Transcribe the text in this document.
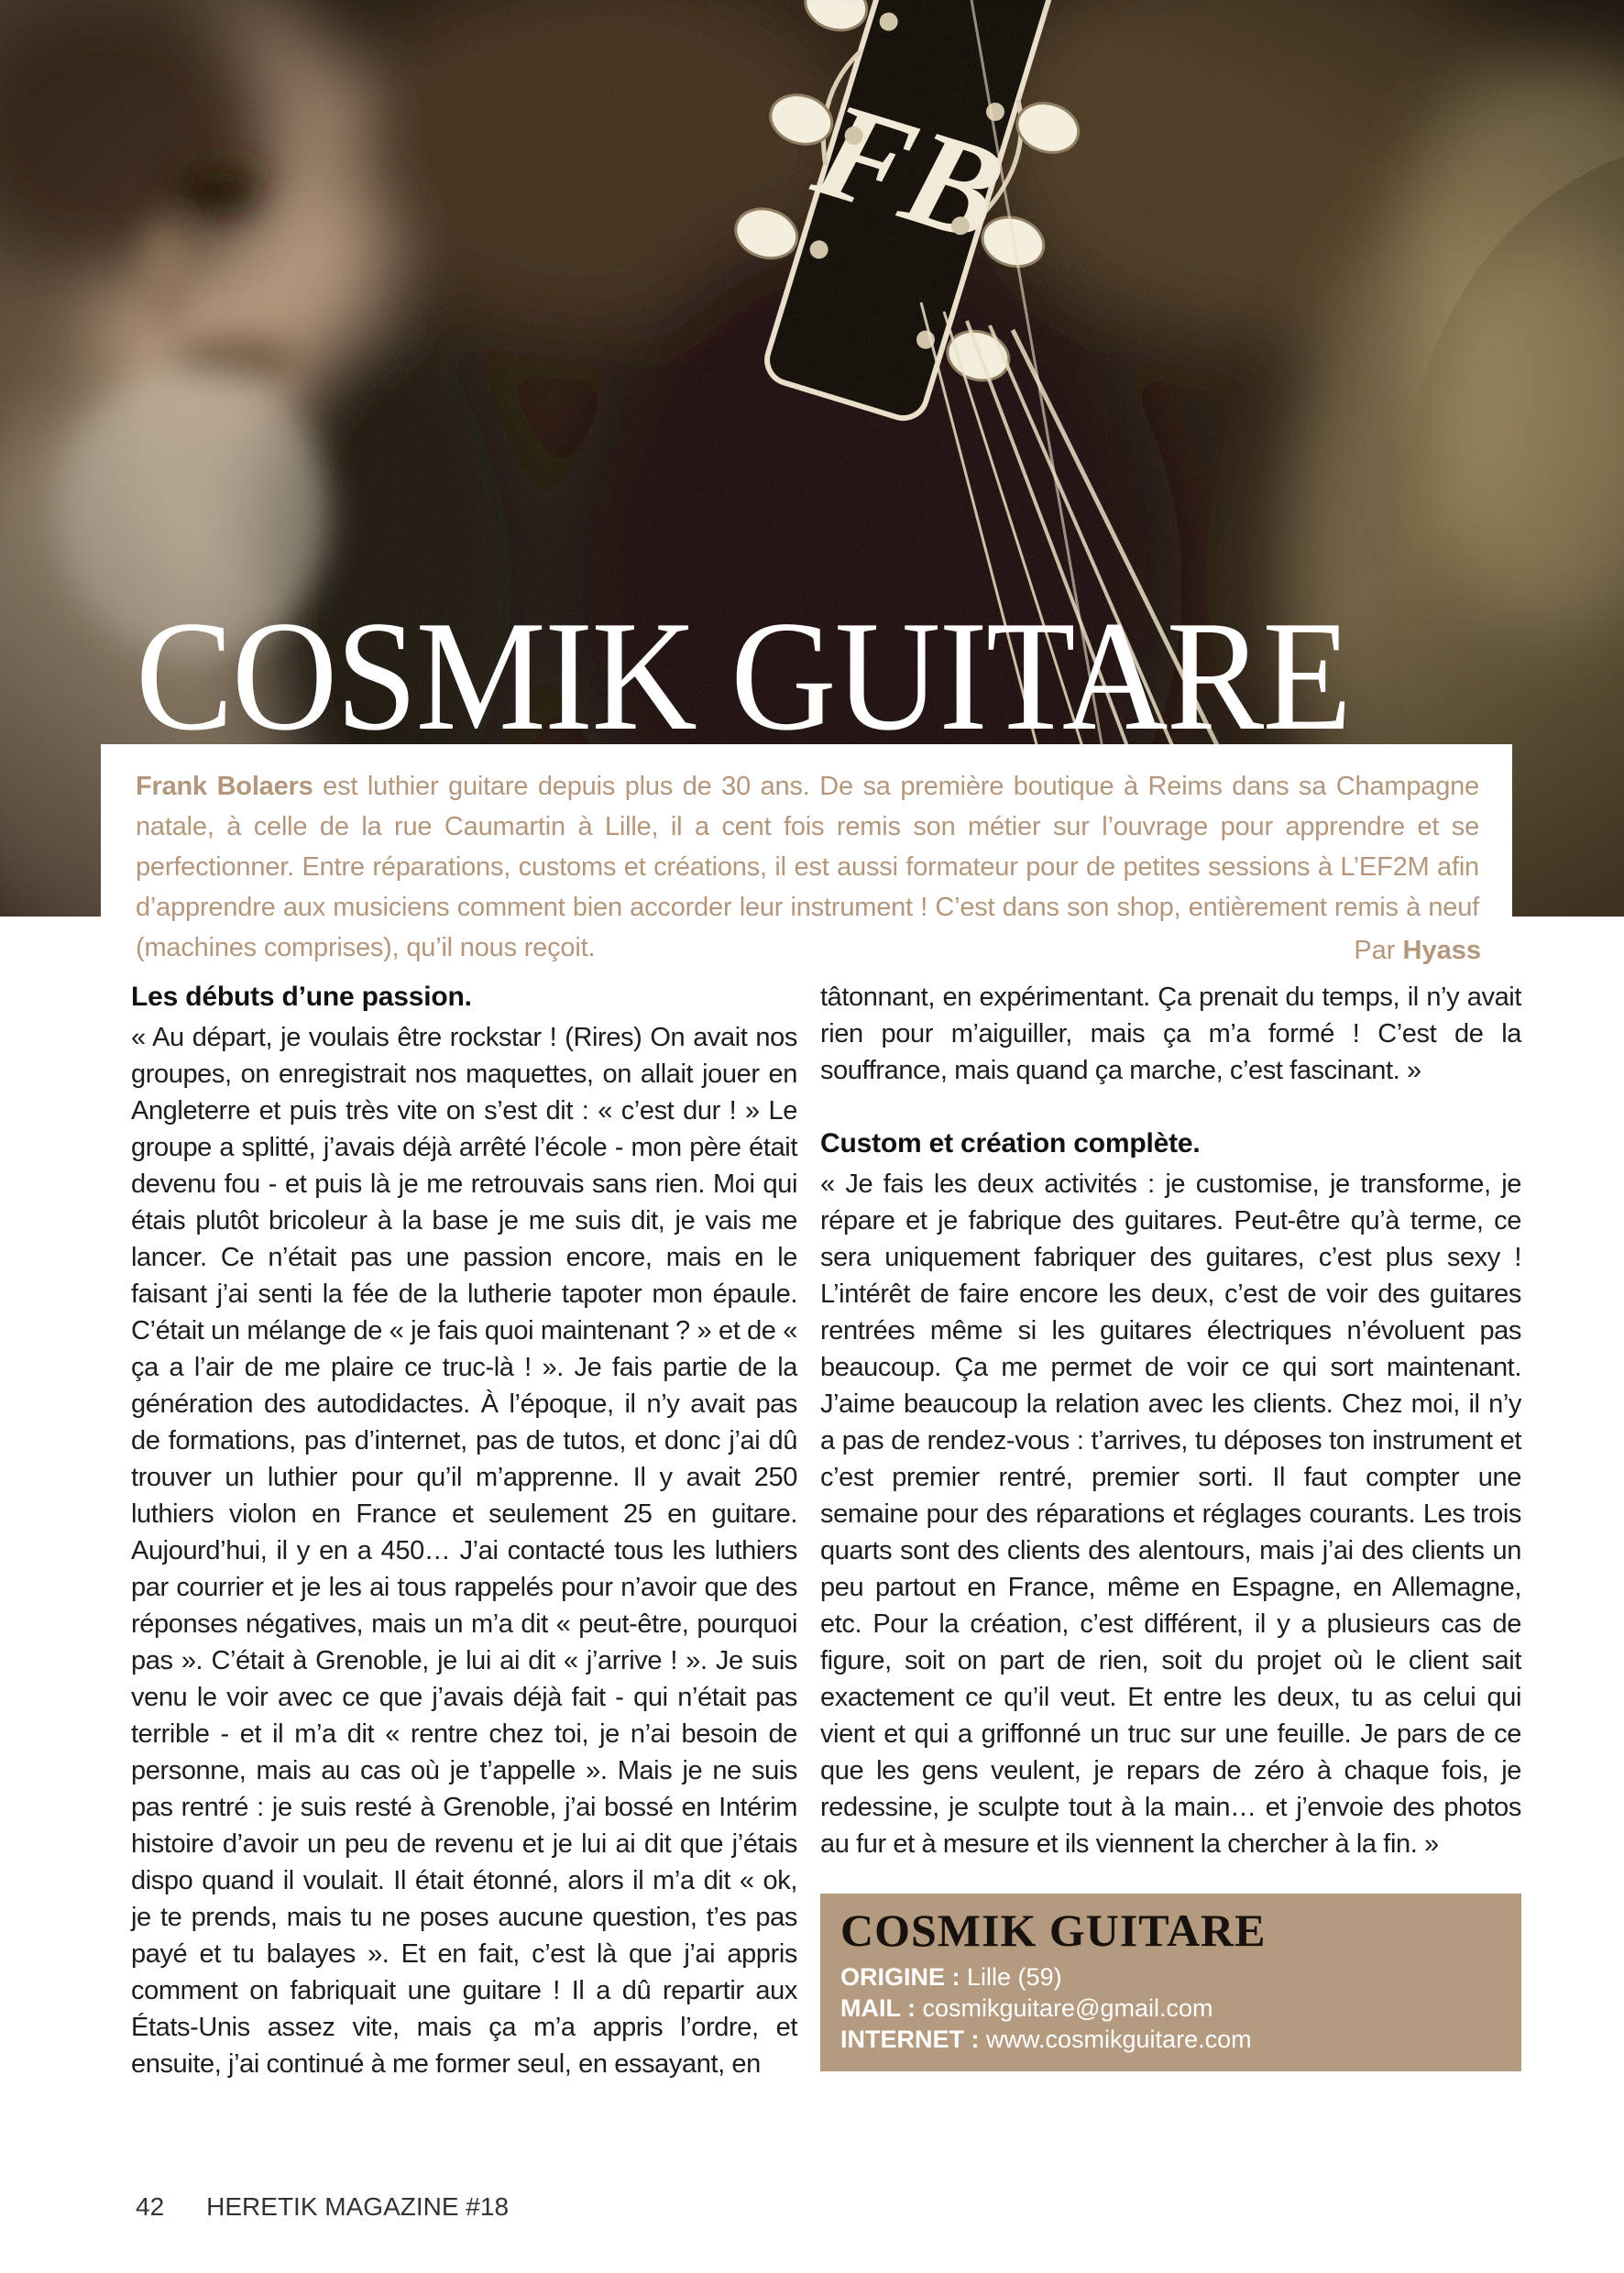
COSMIK GUITARE

Frank Bolaers est luthier guitare depuis plus de 30 ans. De sa première boutique à Reims dans sa Champagne natale, à celle de la rue Caumartin à Lille, il a cent fois remis son métier sur l’ouvrage pour apprendre et se perfectionner. Entre réparations, customs et créations, il est aussi formateur pour de petites sessions à L’EF2M afin d’apprendre aux musiciens comment bien accorder leur instrument ! C’est dans son shop, entièrement remis à neuf (machines comprises), qu’il nous reçoit.	Par Hyass

Les débuts d’une passion.

« Au départ, je voulais être rockstar ! (Rires) On avait nos groupes, on enregistrait nos maquettes, on allait jouer en Angleterre et puis très vite on s’est dit : « c’est dur ! » Le groupe a splitté, j’avais déjà arrêté l’école - mon père était devenu fou - et puis là je me retrouvais sans rien. Moi qui étais plutôt bricoleur à la base je me suis dit, je vais me lancer. Ce n’était pas une passion encore, mais en le faisant j’ai senti la fée de la lutherie tapoter mon épaule. C’était un mélange de « je fais quoi maintenant ? » et de « ça a l’air de me plaire ce truc-là ! ». Je fais partie de la génération des autodidactes. À l’époque, il n’y avait pas de formations, pas d’internet, pas de tutos, et donc j’ai dû trouver un luthier pour qu’il m’apprenne. Il y avait 250 luthiers violon en France et seulement 25 en guitare. Aujourd’hui, il y en a 450… J’ai contacté tous les luthiers par courrier et je les ai tous rappelés pour n’avoir que des réponses négatives, mais un m’a dit « peut-être, pourquoi pas ». C’était à Grenoble, je lui ai dit « j’arrive ! ». Je suis venu le voir avec ce que j’avais déjà fait - qui n’était pas terrible - et il m’a dit « rentre chez toi, je n’ai besoin de personne, mais au cas où je t’appelle ». Mais je ne suis pas rentré : je suis resté à Grenoble, j’ai bossé en Intérim histoire d’avoir un peu de revenu et je lui ai dit que j’étais dispo quand il voulait. Il était étonné, alors il m’a dit « ok, je te prends, mais tu ne poses aucune question, t’es pas payé et tu balayes ». Et en fait, c’est là que j’ai appris comment on fabriquait une guitare ! Il a dû repartir aux États-Unis assez vite, mais ça m’a appris l’ordre, et ensuite, j’ai continué à me former seul, en essayant, en

tâtonnant, en expérimentant. Ça prenait du temps, il n’y avait rien pour m’aiguiller, mais ça m’a formé ! C’est de la souffrance, mais quand ça marche, c’est fascinant. »

Custom et création complète.

« Je fais les deux activités : je customise, je transforme, je répare et je fabrique des guitares. Peut-être qu’à terme, ce sera uniquement fabriquer des guitares, c’est plus sexy ! L’intérêt de faire encore les deux, c’est de voir des guitares rentrées même si les guitares électriques n’évoluent pas beaucoup. Ça me permet de voir ce qui sort maintenant. J’aime beaucoup la relation avec les clients. Chez moi, il n’y a pas de rendez-vous : t’arrives, tu déposes ton instrument et c’est premier rentré, premier sorti. Il faut compter une semaine pour des réparations et réglages courants. Les trois quarts sont des clients des alentours, mais j’ai des clients un peu partout en France, même en Espagne, en Allemagne, etc. Pour la création, c’est différent, il y a plusieurs cas de figure, soit on part de rien, soit du projet où le client sait exactement ce qu’il veut. Et entre les deux, tu as celui qui vient et qui a griffonné un truc sur une feuille. Je pars de ce que les gens veulent, je repars de zéro à chaque fois, je redessine, je sculpte tout à la main… et j’envoie des photos au fur et à mesure et ils viennent la chercher à la fin. »

COSMIK GUITARE
ORIGINE : Lille (59)
MAIL : cosmikguitare@gmail.com
INTERNET : www.cosmikguitare.com
42 HERETIK MAGAZINE #18
